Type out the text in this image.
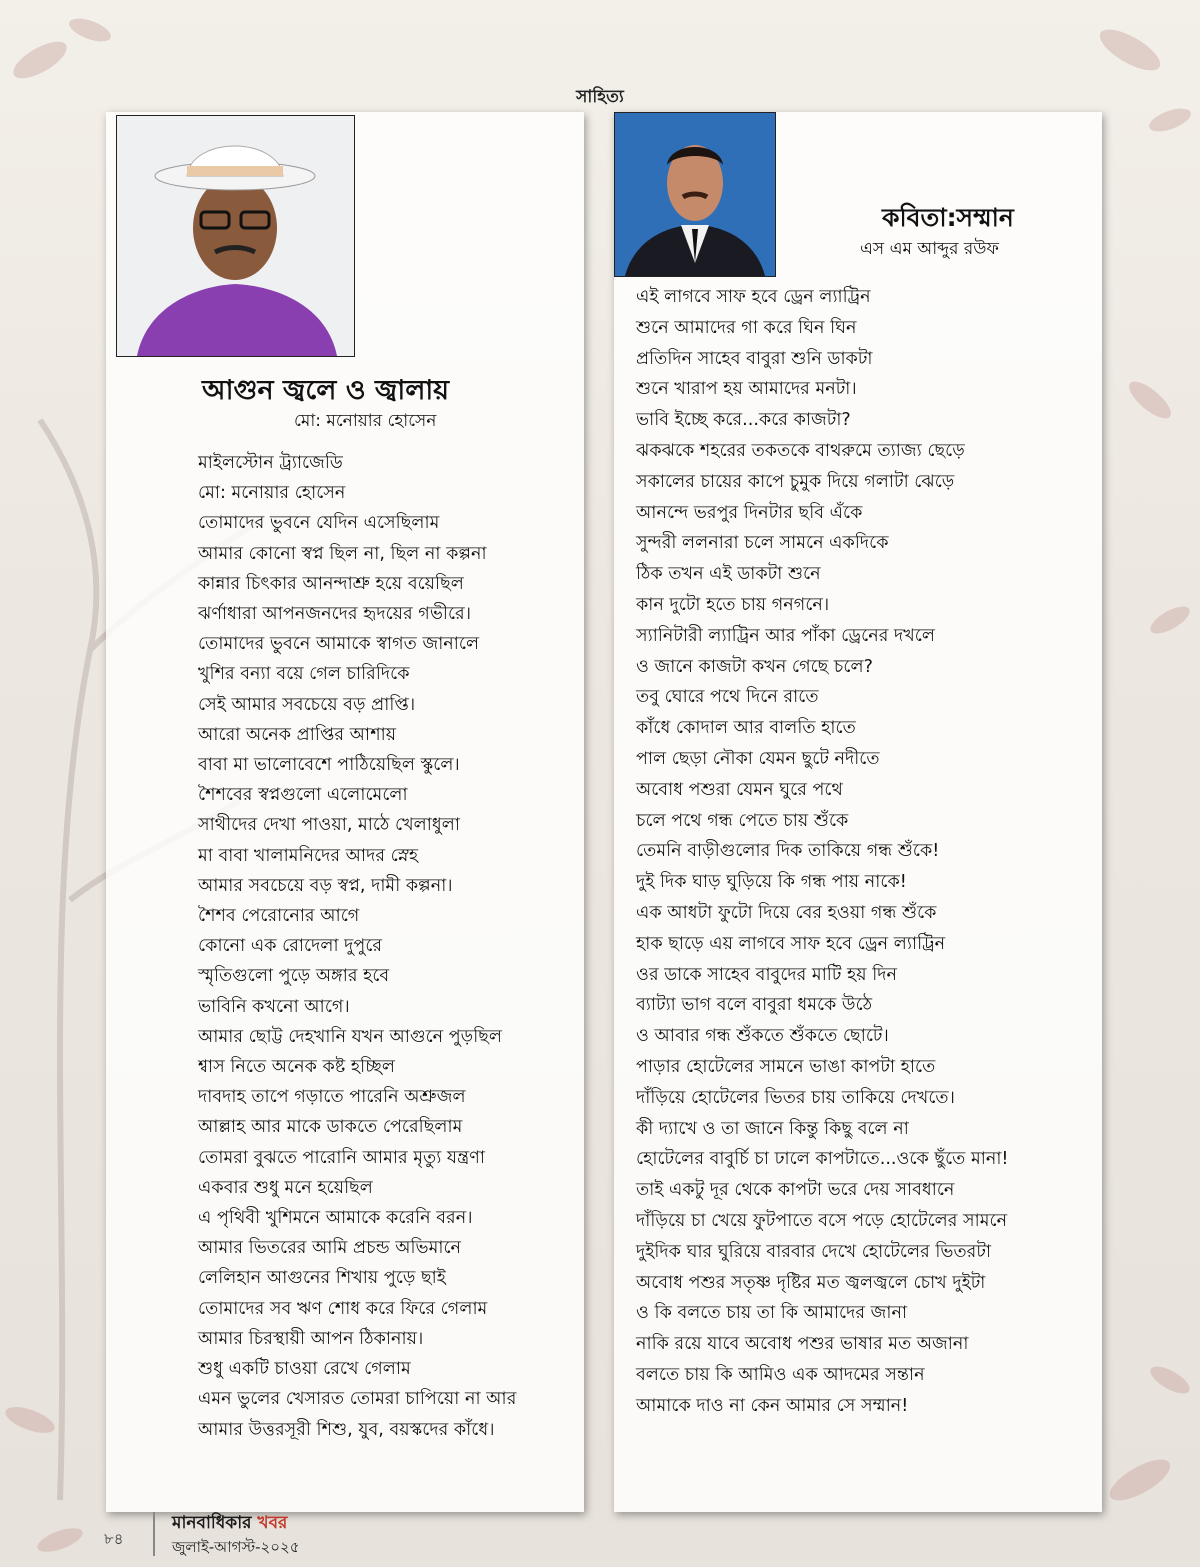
সাহিত্য
আগুন জ্বলে ও জ্বালায়
মো: মনোয়ার হোসেন
মাইলস্টোন ট্র্যাজেডি
মো: মনোয়ার হোসেন
তোমাদের ভুবনে যেদিন এসেছিলাম
আমার কোনো স্বপ্ন ছিল না, ছিল না কল্পনা
কান্নার চিৎকার আনন্দাশ্রু হয়ে বয়েছিল
ঝর্ণাধারা আপনজনদের হৃদয়ের গভীরে।
তোমাদের ভুবনে আমাকে স্বাগত জানালে
খুশির বন্যা বয়ে গেল চারিদিকে
সেই আমার সবচেয়ে বড় প্রাপ্তি।
আরো অনেক প্রাপ্তির আশায়
বাবা মা ভালোবেশে পাঠিয়েছিল স্কুলে।
শৈশবের স্বপ্নগুলো এলোমেলো
সাথীদের দেখা পাওয়া, মাঠে খেলাধুলা
মা বাবা খালামনিদের আদর স্নেহ
আমার সবচেয়ে বড় স্বপ্ন, দামী কল্পনা।
শৈশব পেরোনোর আগে
কোনো এক রোদেলা দুপুরে
স্মৃতিগুলো পুড়ে অঙ্গার হবে
ভাবিনি কখনো আগে।
আমার ছোট্ট দেহখানি যখন আগুনে পুড়ছিল
শ্বাস নিতে অনেক কষ্ট হচ্ছিল
দাবদাহ তাপে গড়াতে পারেনি অশ্রুজল
আল্লাহ আর মাকে ডাকতে পেরেছিলাম
তোমরা বুঝতে পারোনি আমার মৃত্যু যন্ত্রণা
একবার শুধু মনে হয়েছিল
এ পৃথিবী খুশিমনে আমাকে করেনি বরন।
আমার ভিতরের আমি প্রচন্ড অভিমানে
লেলিহান আগুনের শিখায় পুড়ে ছাই
তোমাদের সব ঋণ শোধ করে ফিরে গেলাম
আমার চিরস্থায়ী আপন ঠিকানায়।
শুধু একটি চাওয়া রেখে গেলাম
এমন ভুলের খেসারত তোমরা চাপিয়ো না আর
আমার উত্তরসূরী শিশু, যুব, বয়স্কদের কাঁধে।
কবিতা:সম্মান
এস এম আব্দুর রউফ
এই লাগবে সাফ হবে ড্রেন ল্যাট্রিন
শুনে আমাদের গা করে ঘিন ঘিন
প্রতিদিন সাহেব বাবুরা শুনি ডাকটা
শুনে খারাপ হয় আমাদের মনটা।
ভাবি ইচ্ছে করে...করে কাজটা?
ঝকঝকে শহরের তকতকে বাথরুমে ত্যাজ্য ছেড়ে
সকালের চায়ের কাপে চুমুক দিয়ে গলাটা ঝেড়ে
আনন্দে ভরপুর দিনটার ছবি এঁকে
সুন্দরী ললনারা চলে সামনে একদিকে
ঠিক তখন এই ডাকটা শুনে
কান দুটো হতে চায় গনগনে।
স্যানিটারী ল্যাট্রিন আর পাঁকা ড্রেনের দখলে
ও জানে কাজটা কখন গেছে চলে?
তবু ঘোরে পথে দিনে রাতে
কাঁধে কোদাল আর বালতি হাতে
পাল ছেড়া নৌকা যেমন ছুটে নদীতে
অবোধ পশুরা যেমন ঘুরে পথে
চলে পথে গন্ধ পেতে চায় শুঁকে
তেমনি বাড়ীগুলোর দিক তাকিয়ে গন্ধ শুঁকে!
দুই দিক ঘাড় ঘুড়িয়ে কি গন্ধ পায় নাকে!
এক আধটা ফুটো দিয়ে বের হওয়া গন্ধ শুঁকে
হাক ছাড়ে এয় লাগবে সাফ হবে ড্রেন ল্যাট্রিন
ওর ডাকে সাহেব বাবুদের মাটি হয় দিন
ব্যাট্যা ভাগ বলে বাবুরা ধমকে উঠে
ও আবার গন্ধ শুঁকতে শুঁকতে ছোটে।
পাড়ার হোটেলের সামনে ভাঙা কাপটা হাতে
দাঁড়িয়ে হোটেলের ভিতর চায় তাকিয়ে দেখতে।
কী দ্যাখে ও তা জানে কিন্তু কিছু বলে না
হোটেলের বাবুর্চি চা ঢালে কাপটাতে...ওকে ছুঁতে মানা!
তাই একটু দূর থেকে কাপটা ভরে দেয় সাবধানে
দাঁড়িয়ে চা খেয়ে ফুটপাতে বসে পড়ে হোটেলের সামনে
দুইদিক ঘার ঘুরিয়ে বারবার দেখে হোটেলের ভিতরটা
অবোধ পশুর সতৃষ্ণ দৃষ্টির মত জ্বলজ্বলে চোখ দুইটা
ও কি বলতে চায় তা কি আমাদের জানা
নাকি রয়ে যাবে অবোধ পশুর ভাষার মত অজানা
বলতে চায় কি আমিও এক আদমের সন্তান
আমাকে দাও না কেন আমার সে সম্মান!
৮৪
মানবাধিকার খবর
জুলাই-আগস্ট-২০২৫
